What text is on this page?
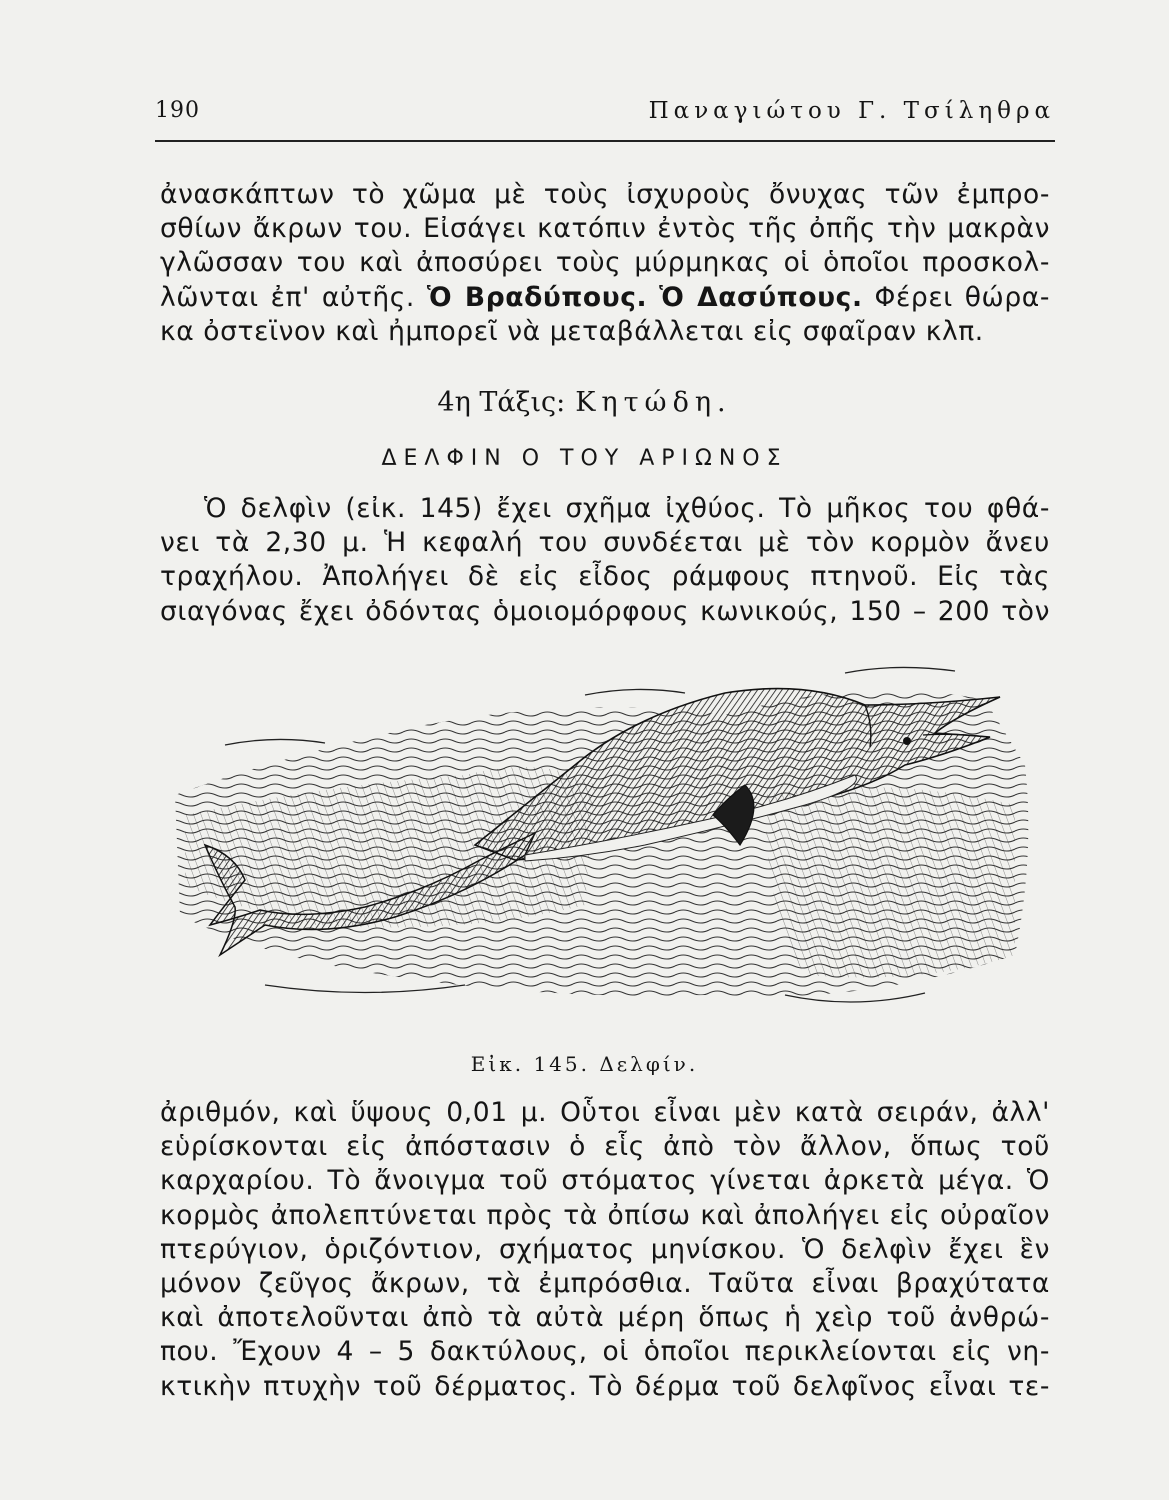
190	Παναγιώτου Γ. Τσίληθρα
ἀνασκάπτων τὸ χῶμα μὲ τοὺς ἰσχυροὺς ὄνυχας τῶν ἐμπρο-
σθίων ἄκρων του. Εἰσάγει κατόπιν ἐντὸς τῆς ὀπῆς τὴν μακρὰν
γλῶσσαν του καὶ ἀποσύρει τοὺς μύρμηκας οἱ ὁποῖοι προσκολ-
λῶνται ἐπ' αὐτῆς. Ὁ Βραδύπους. Ὁ Δασύπους. Φέρει θώρα-
κα ὀστεϊνον καὶ ἠμπορεῖ νὰ μεταβάλλεται εἰς σφαῖραν κλπ.
4η Τάξις: Κητώδη.
ΔΕΛΦΙΝ Ο ΤΟΥ ΑΡΙΩΝΟΣ
Ὁ δελφὶν (εἰκ. 145) ἔχει σχῆμα ἰχθύος. Τὸ μῆκος του φθά-
νει τὰ 2,30 μ. Ἡ κεφαλή του συνδέεται μὲ τὸν κορμὸν ἄνευ
τραχήλου. Ἀπολήγει δὲ εἰς εἶδος ράμφους πτηνοῦ. Εἰς τὰς
σιαγόνας ἔχει ὀδόντας ὁμοιομόρφους κωνικούς, 150 – 200 τὸν
Εἰκ. 145. Δελφίν.
ἀριθμόν, καὶ ὕψους 0,01 μ. Οὗτοι εἶναι μὲν κατὰ σειράν, ἀλλ'
εὑρίσκονται εἰς ἀπόστασιν ὁ εἷς ἀπὸ τὸν ἄλλον, ὅπως τοῦ
καρχαρίου. Τὸ ἄνοιγμα τοῦ στόματος γίνεται ἀρκετὰ μέγα. Ὁ
κορμὸς ἀπολεπτύνεται πρὸς τὰ ὀπίσω καὶ ἀπολήγει εἰς οὐραῖον
πτερύγιον, ὁριζόντιον, σχήματος μηνίσκου. Ὁ δελφὶν ἔχει ἓν
μόνον ζεῦγος ἄκρων, τὰ ἐμπρόσθια. Ταῦτα εἶναι βραχύτατα
καὶ ἀποτελοῦνται ἀπὸ τὰ αὐτὰ μέρη ὅπως ἡ χεὶρ τοῦ ἀνθρώ-
που. Ἔχουν 4 – 5 δακτύλους, οἱ ὁποῖοι περικλείονται εἰς νη-
κτικὴν πτυχὴν τοῦ δέρματος. Τὸ δέρμα τοῦ δελφῖνος εἶναι τε-
